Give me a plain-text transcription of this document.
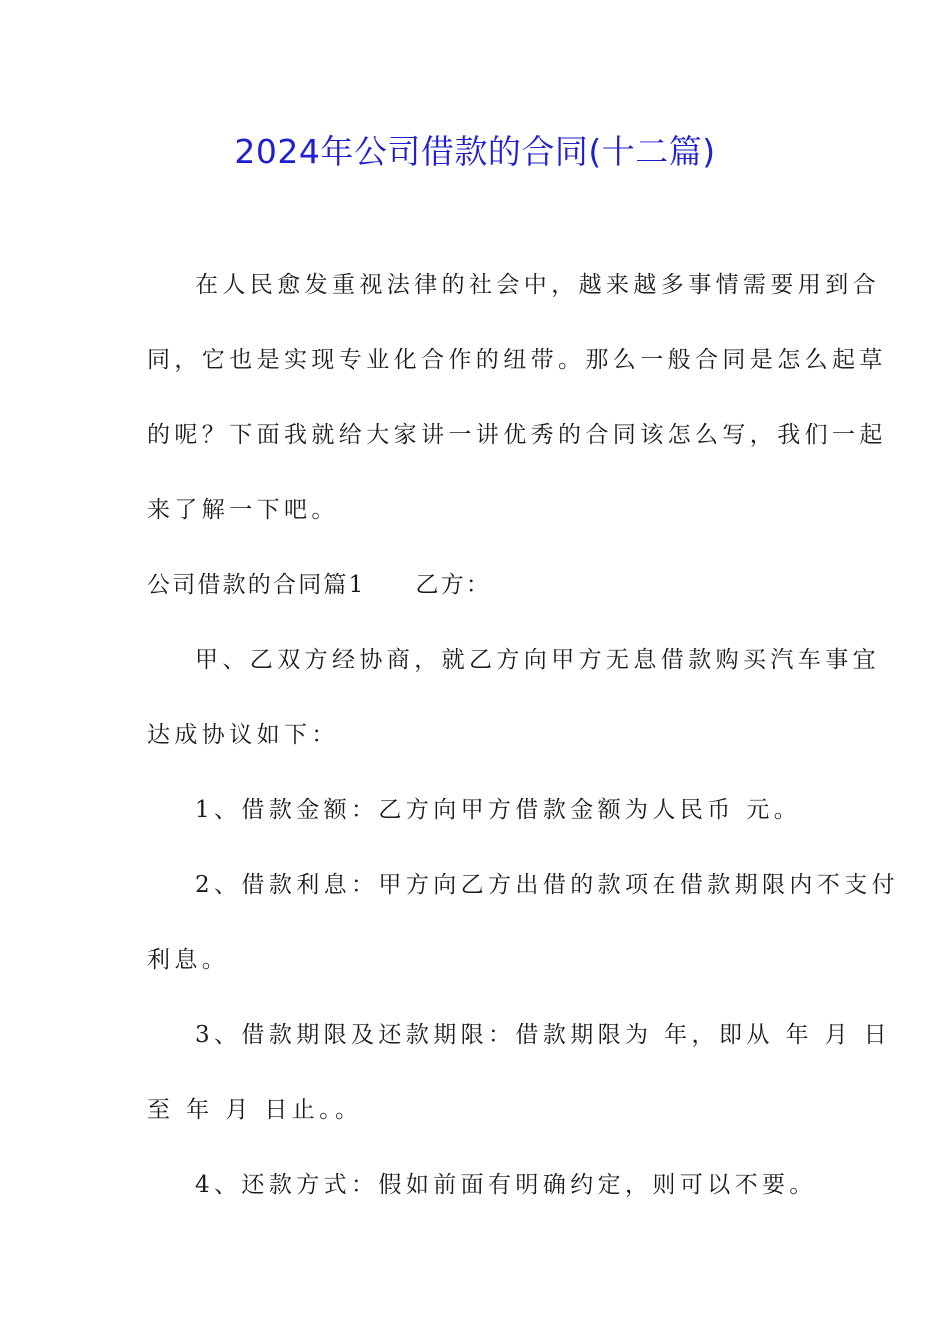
2024年公司借款的合同(十二篇)
在人民愈发重视法律的社会中，越来越多事情需要用到合
同，它也是实现专业化合作的纽带。那么一般合同是怎么起草
的呢？下面我就给大家讲一讲优秀的合同该怎么写，我们一起
来了解一下吧。
公司借款的合同篇1 乙方：
甲、乙双方经协商，就乙方向甲方无息借款购买汽车事宜
达成协议如下：
1、借款金额：乙方向甲方借款金额为人民币 元。
2、借款利息：甲方向乙方出借的款项在借款期限内不支付
利息。
3、借款期限及还款期限：借款期限为 年，即从 年 月 日
至 年 月 日止。。
4、还款方式：假如前面有明确约定，则可以不要。
